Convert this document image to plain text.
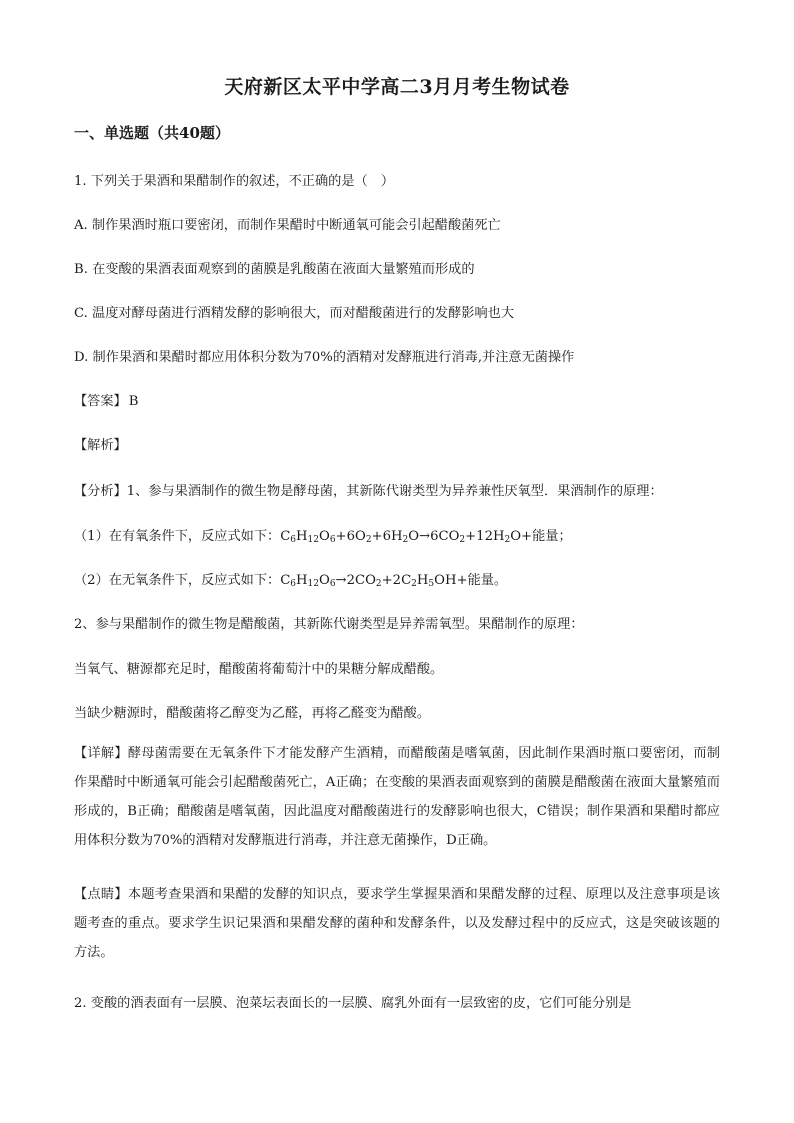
天府新区太平中学高二3月月考生物试卷
一、单选题（共40题）
1. 下列关于果酒和果醋制作的叙述，不正确的是（　）
A. 制作果酒时瓶口要密闭，而制作果醋时中断通氧可能会引起醋酸菌死亡
B. 在变酸的果酒表面观察到的菌膜是乳酸菌在液面大量繁殖而形成的
C. 温度对酵母菌进行酒精发酵的影响很大，而对醋酸菌进行的发酵影响也大
D. 制作果酒和果醋时都应用体积分数为70%的酒精对发酵瓶进行消毒,并注意无菌操作
【答案】 B
【解析】
【分析】1、参与果酒制作的微生物是酵母菌，其新陈代谢类型为异养兼性厌氧型．果酒制作的原理：
（1）在有氧条件下，反应式如下：$C_6H_{12}O_6+6O_2+6H_2O\to 6CO_2+12H_2O+$能量；
（2）在无氧条件下，反应式如下：$C_6H_{12}O_6\to 2CO_2+2C_2H_5OH+$能量。
2、参与果醋制作的微生物是醋酸菌，其新陈代谢类型是异养需氧型。果醋制作的原理：
当氧气、糖源都充足时，醋酸菌将葡萄汁中的果糖分解成醋酸。
当缺少糖源时，醋酸菌将乙醇变为乙醛，再将乙醛变为醋酸。
【详解】酵母菌需要在无氧条件下才能发酵产生酒精，而醋酸菌是嗜氧菌，因此制作果酒时瓶口要密闭，而制作果醋时中断通氧可能会引起醋酸菌死亡，A正确；在变酸的果酒表面观察到的菌膜是醋酸菌在液面大量繁殖而形成的，B正确；醋酸菌是嗜氧菌，因此温度对醋酸菌进行的发酵影响也很大，C错误；制作果酒和果醋时都应用体积分数为70%的酒精对发酵瓶进行消毒，并注意无菌操作，D正确。
【点睛】本题考查果酒和果醋的发酵的知识点，要求学生掌握果酒和果醋发酵的过程、原理以及注意事项是该题考查的重点。要求学生识记果酒和果醋发酵的菌种和发酵条件，以及发酵过程中的反应式，这是突破该题的方法。
2. 变酸的酒表面有一层膜、泡菜坛表面长的一层膜、腐乳外面有一层致密的皮，它们可能分别是
